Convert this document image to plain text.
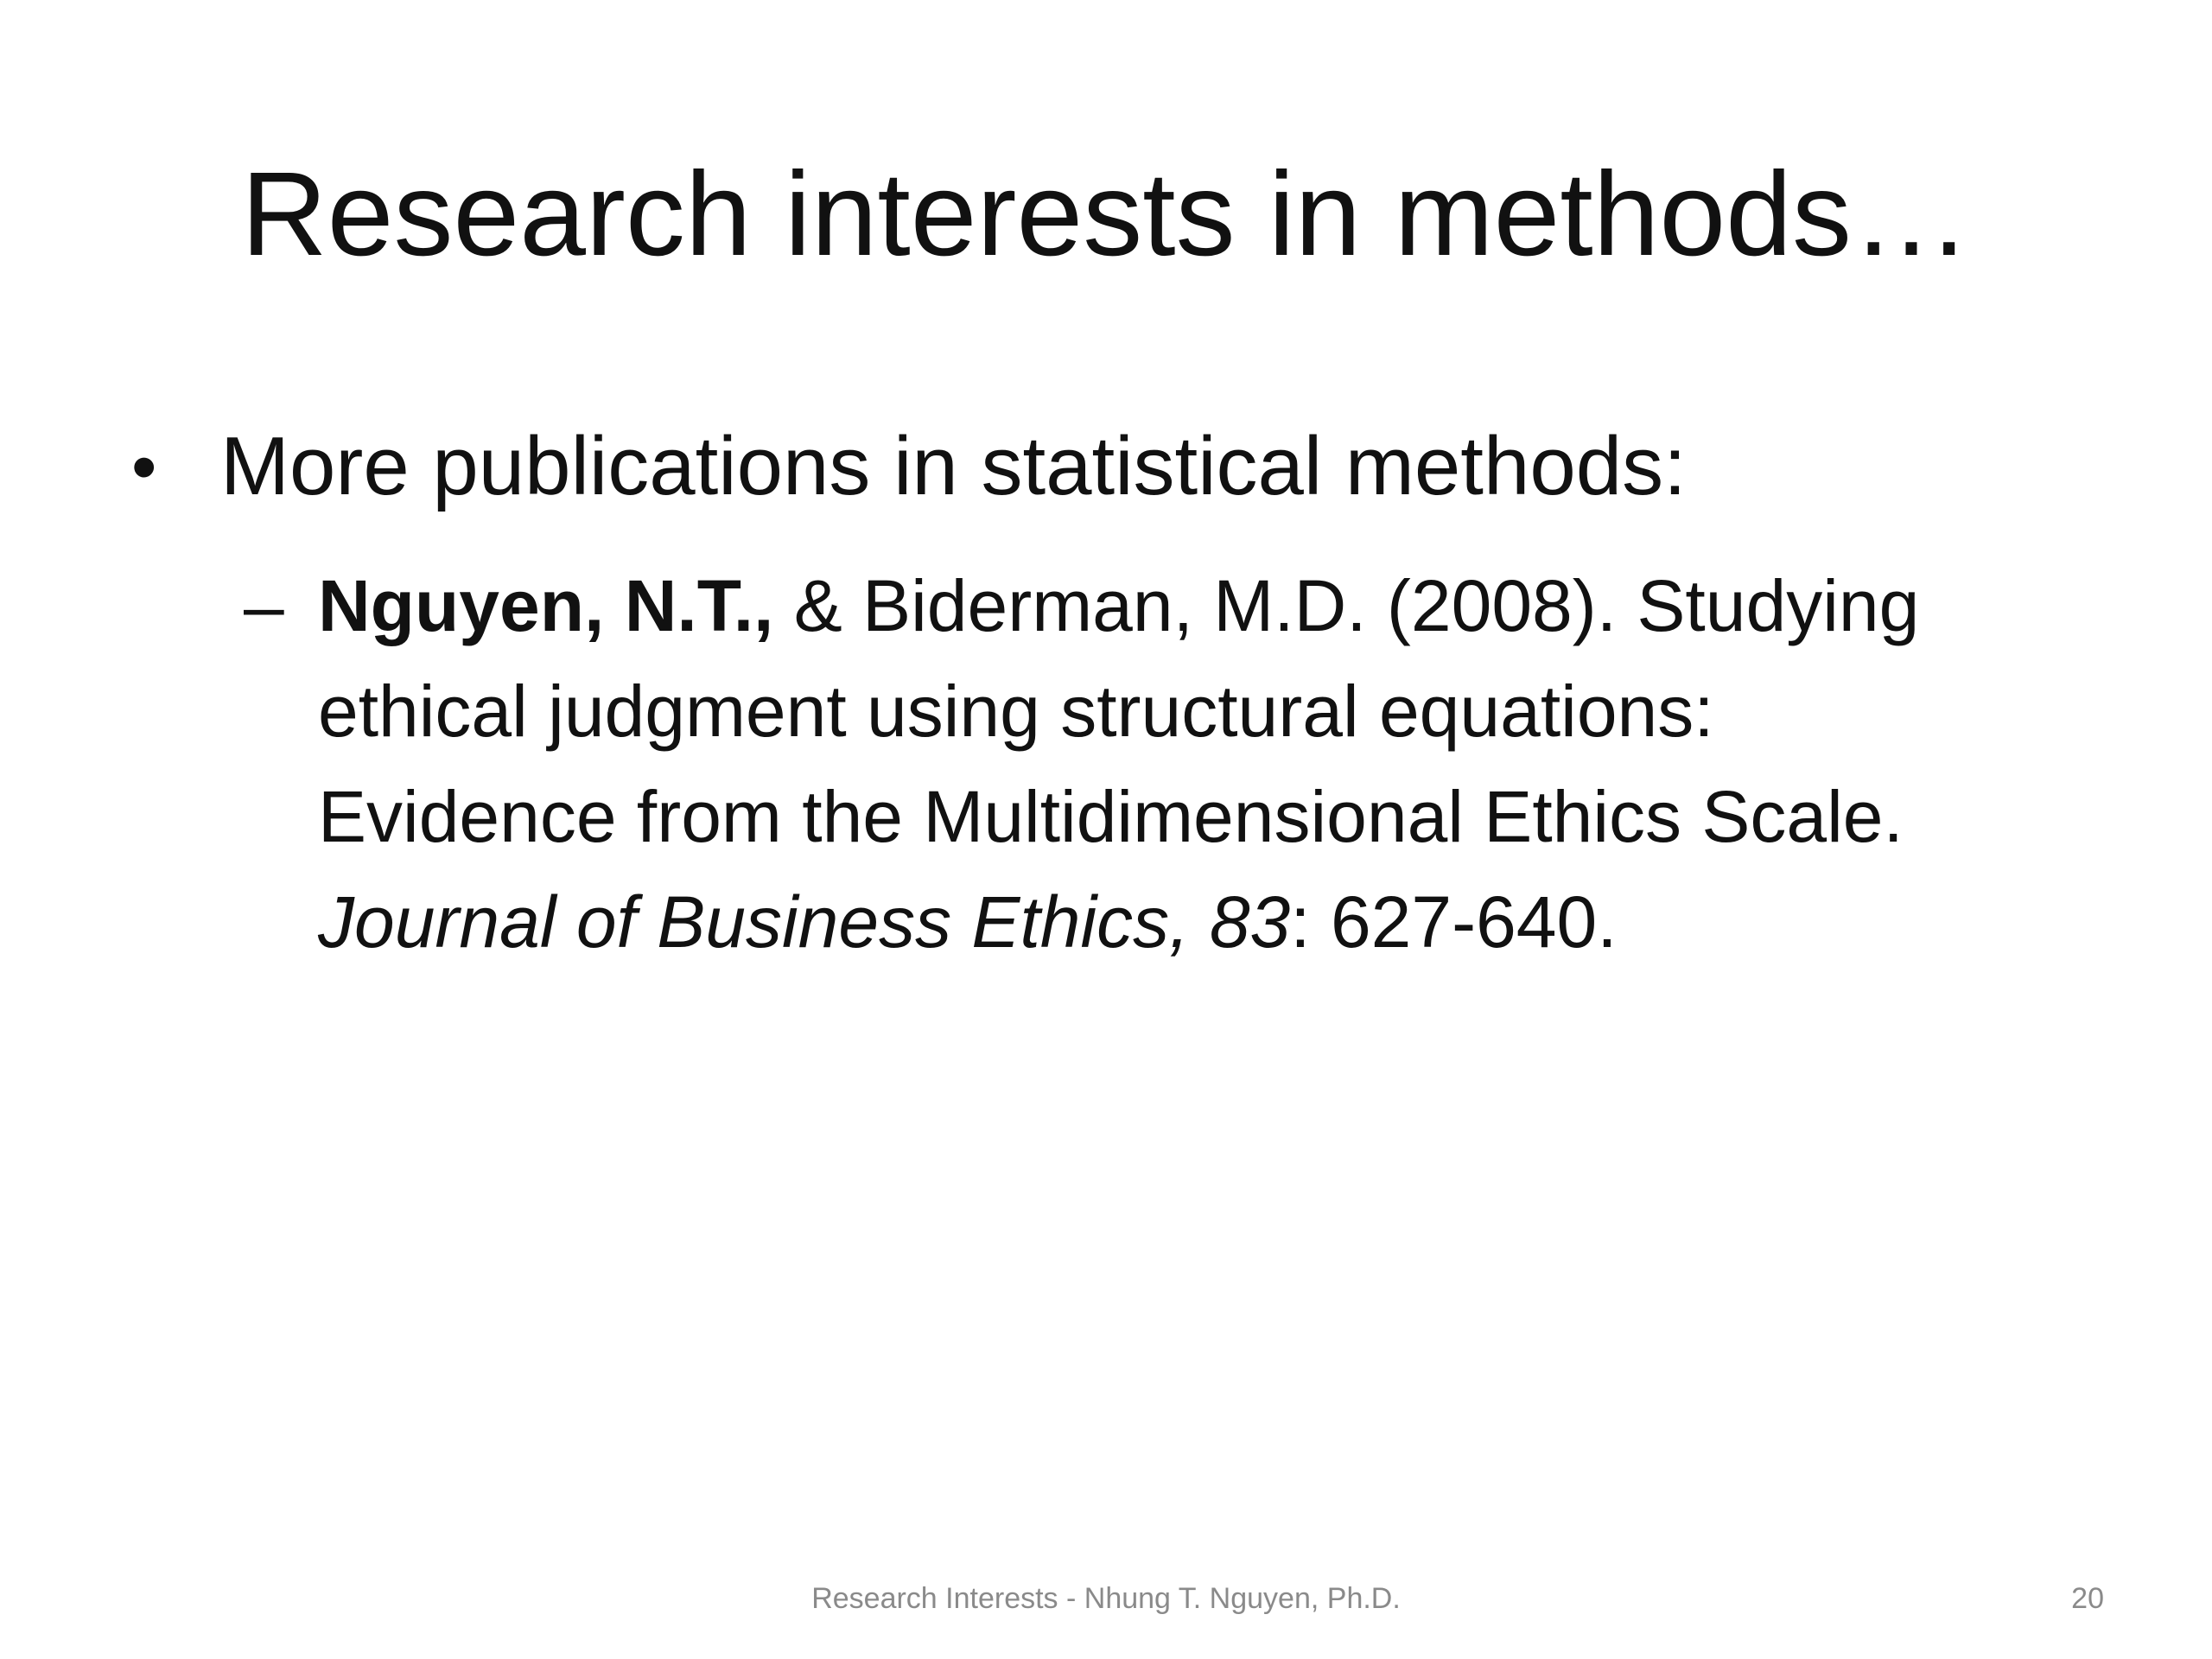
Research interests in methods…
• More publications in statistical methods:
– Nguyen, N.T., & Biderman, M.D. (2008). Studying
ethical judgment using structural equations:
Evidence from the Multidimensional Ethics Scale.
Journal of Business Ethics, 83: 627-640.
Research Interests - Nhung T. Nguyen, Ph.D.	20
